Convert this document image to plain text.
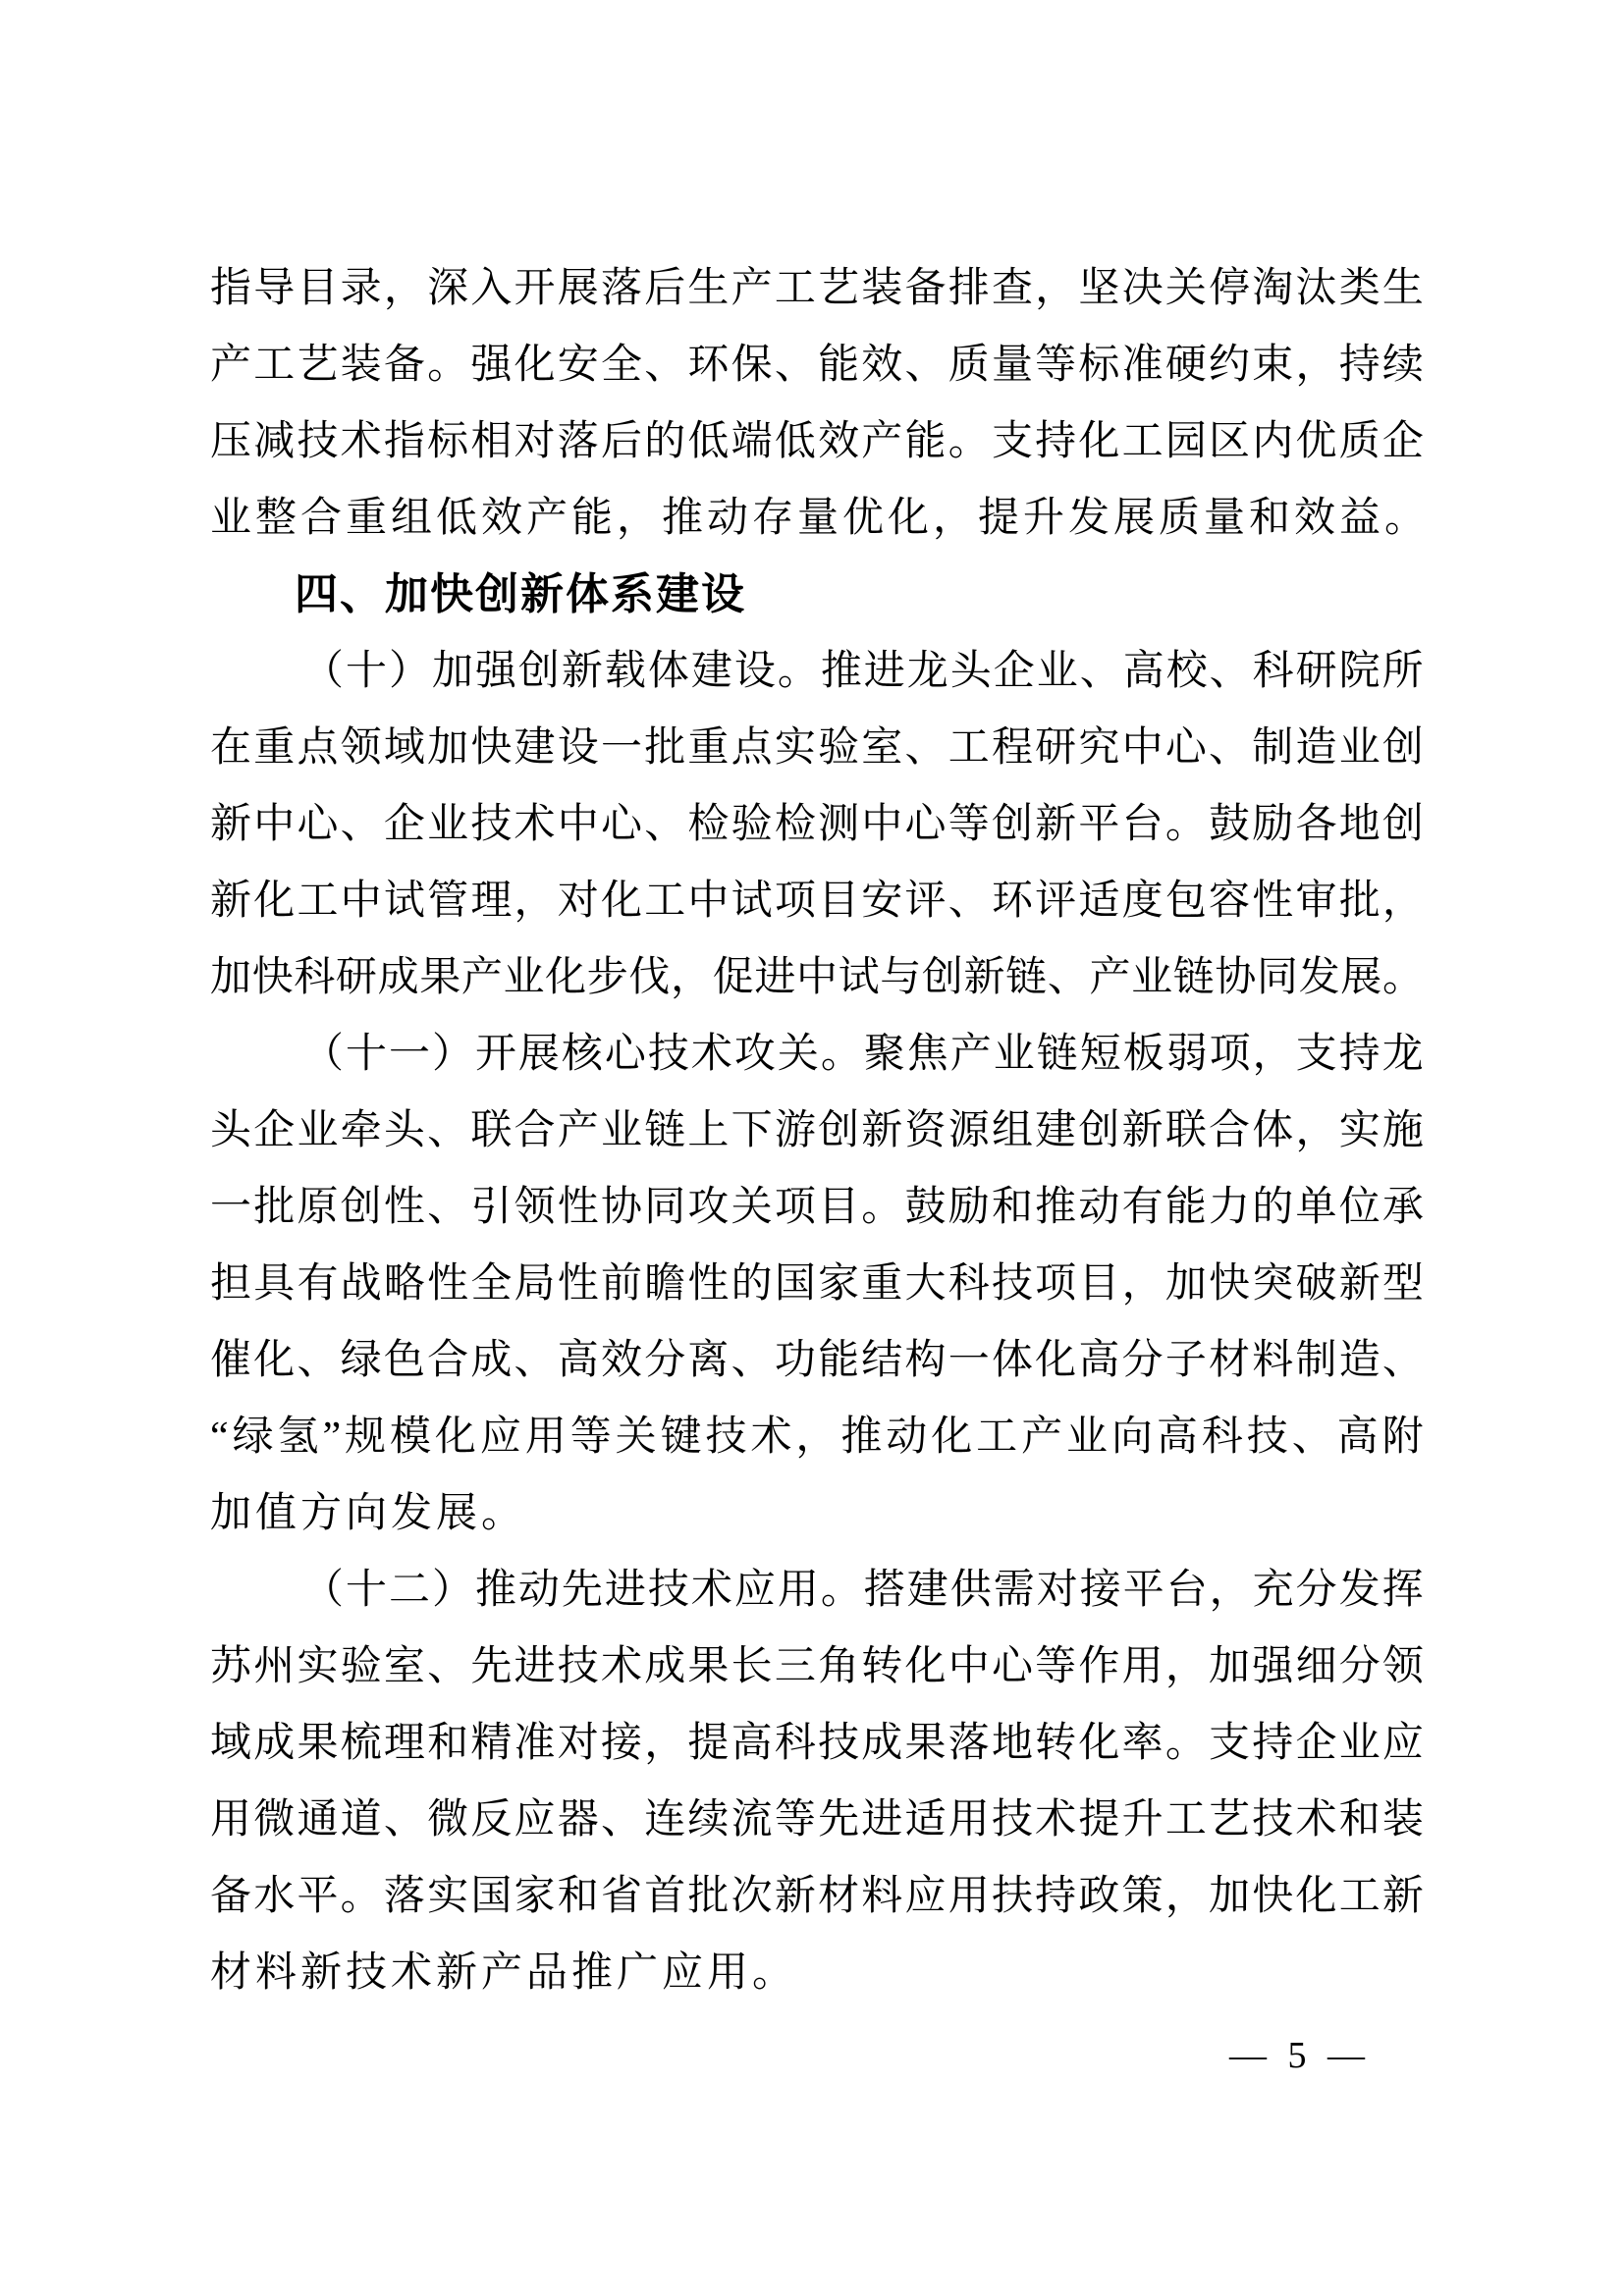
指 导 目 录 ， 深 入 开 展 落 后 生 产 工 艺 装 备 排 查 ， 坚 决 关 停 淘 汰 类 生
产 工 艺 装 备 。 强 化 安 全 、 环 保 、 能 效 、 质 量 等 标 准 硬 约 束 ， 持 续
压 减 技 术 指 标 相 对 落 后 的 低 端 低 效 产 能 。 支 持 化 工 园 区 内 优 质 企
业整合重组低效产能，推动存量优化，提升发展质量和效益。
四、加快创新体系建设
（ 十 ） 加 强 创 新 载 体 建 设 。 推 进 龙 头 企 业 、 高 校 、 科 研 院 所
在 重 点 领 域 加 快 建 设 一 批 重 点 实 验 室 、 工 程 研 究 中 心 、 制 造 业 创
新 中 心 、 企 业 技 术 中 心 、 检 验 检 测 中 心 等 创 新 平 台 。 鼓 励 各 地 创
新 化 工 中 试 管 理 ， 对 化 工 中 试 项 目 安 评 、 环 评 适 度 包 容 性 审 批 ，
加 快 科 研 成 果 产 业 化 步 伐 ， 促 进 中 试 与 创 新 链 、 产 业 链 协 同 发 展 。
（ 十 一 ） 开 展 核 心 技 术 攻 关 。 聚 焦 产 业 链 短 板 弱 项 ， 支 持 龙
头 企 业 牵 头 、 联 合 产 业 链 上 下 游 创 新 资 源 组 建 创 新 联 合 体 ， 实 施
一 批 原 创 性 、 引 领 性 协 同 攻 关 项 目 。 鼓 励 和 推 动 有 能 力 的 单 位 承
担 具 有 战 略 性 全 局 性 前 瞻 性 的 国 家 重 大 科 技 项 目 ， 加 快 突 破 新 型
催 化 、 绿 色 合 成 、 高 效 分 离 、 功 能 结 构 一 体 化 高 分 子 材 料 制 造 、
“ 绿 氢 ” 规 模 化 应 用 等 关 键 技 术 ， 推 动 化 工 产 业 向 高 科 技 、 高 附
加值方向发展。
（ 十 二 ） 推 动 先 进 技 术 应 用 。 搭 建 供 需 对 接 平 台 ， 充 分 发 挥
苏 州 实 验 室 、 先 进 技 术 成 果 长 三 角 转 化 中 心 等 作 用 ， 加 强 细 分 领
域 成 果 梳 理 和 精 准 对 接 ， 提 高 科 技 成 果 落 地 转 化 率 。 支 持 企 业 应
用 微 通 道 、 微 反 应 器 、 连 续 流 等 先 进 适 用 技 术 提 升 工 艺 技 术 和 装
备 水 平 。 落 实 国 家 和 省 首 批 次 新 材 料 应 用 扶 持 政 策 ， 加 快 化 工 新
材料新技术新产品推广应用。
— 5 —
